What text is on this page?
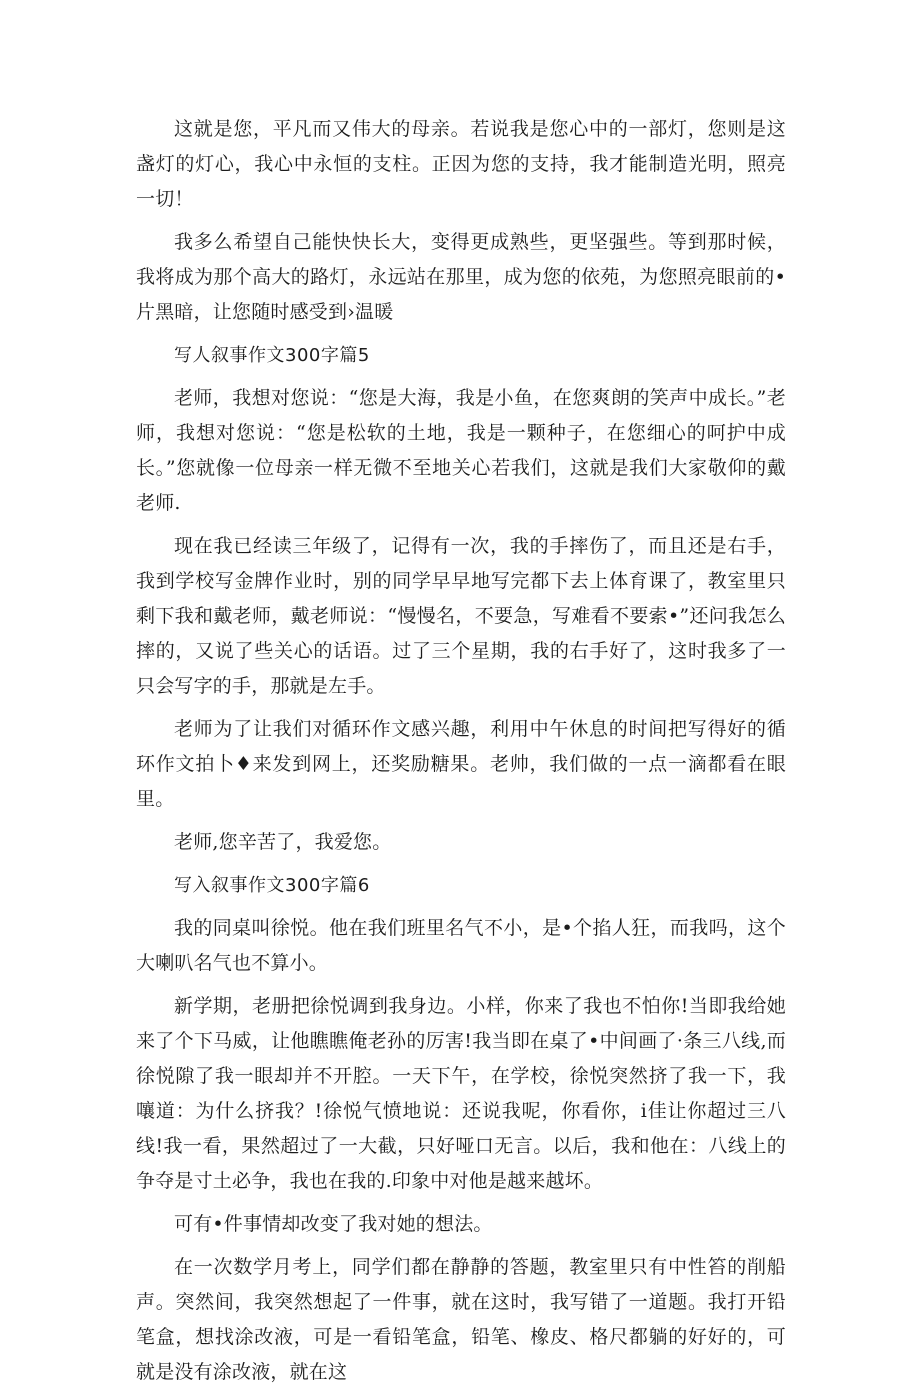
这就是您，平凡而又伟大的母亲。若说我是您心中的一部灯，您则是这盏灯的灯心，我心中永恒的支柱。正因为您的支持，我才能制造光明，照亮一切！

我多么希望自己能快快长大，变得更成熟些，更坚强些。等到那时候，我将成为那个高大的路灯，永远站在那里，成为您的依苑，为您照亮眼前的•片黑暗，让您随时感受到›温暖

写人叙事作文300字篇5

老师，我想对您说：“您是大海，我是小鱼，在您爽朗的笑声中成长。”老师，我想对您说：“您是松软的土地，我是一颗种子，在您细心的呵护中成长。”您就像一位母亲一样无微不至地关心若我们，这就是我们大家敬仰的戴老师.

现在我已经读三年级了，记得有一次，我的手摔伤了，而且还是右手，我到学校写金牌作业时，别的同学早早地写完都下去上体育课了，教室里只剩下我和戴老师，戴老师说：“慢慢名，不要急，写难看不要索•”还问我怎么摔的，又说了些关心的话语。过了三个星期，我的右手好了，这时我多了一只会写字的手，那就是左手。

老师为了让我们对循环作文感兴趣，利用中午休息的时间把写得好的循环作文拍卜♦来发到网上，还奖励糖果。老帅，我们做的一点一滴都看在眼里。

老师,您辛苦了，我爱您。

写入叙事作文300字篇6

我的同桌叫徐悦。他在我们班里名气不小，是•个掐人狂，而我吗，这个大喇叭名气也不算小。

新学期，老册把徐悦调到我身边。小样，你来了我也不怕你!当即我给她来了个下马威，让他瞧瞧俺老孙的厉害!我当即在桌了•中间画了·条三八线,而徐悦隙了我一眼却并不开腔。一天下午，在学校，徐悦突然挤了我一下，我嚷道：为什么挤我？!徐悦气愤地说：还说我呢，你看你，i佳让你超过三八线!我一看，果然超过了一大截，只好哑口无言。以后，我和他在：八线上的争夺是寸土必争，我也在我的.印象中对他是越来越坏。

可有•件事情却改变了我对她的想法。

在一次数学月考上，同学们都在静静的答题，教室里只有中性笞的削船声。突然间，我突然想起了一件事，就在这时，我写错了一道题。我打开铅笔盒，想找涂改液，可是一看铅笔盒，铅笔、橡皮、格尺都躺的好好的，可就是没有涂改液，就在这
